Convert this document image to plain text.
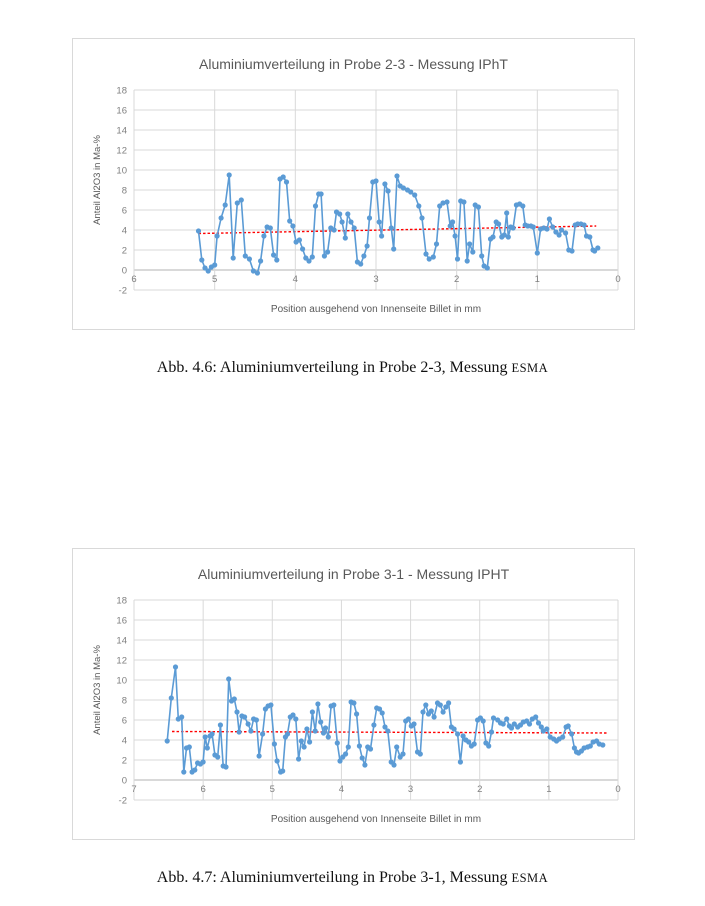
Aluminiumverteilung in Probe 2-3 - Messung IPhT
-2
0
2
4
6
8
10
12
14
16
18
6	5	4	3	2	1	0
Position ausgehend von Innenseite Billet in mm
Anteil Al2O3 in Ma-%

Abb. 4.6: Aluminiumverteilung in Probe 2-3, Messung ESMA

Aluminiumverteilung in Probe 3-1 - Messung IPHT
-2
0
2
4
6
8
10
12
14
16
18
7	6	5	4	3	2	1	0
Position ausgehend von Innenseite Billet in mm
Anteil Al2O3 in Ma-%

Abb. 4.7: Aluminiumverteilung in Probe 3-1, Messung ESMA
